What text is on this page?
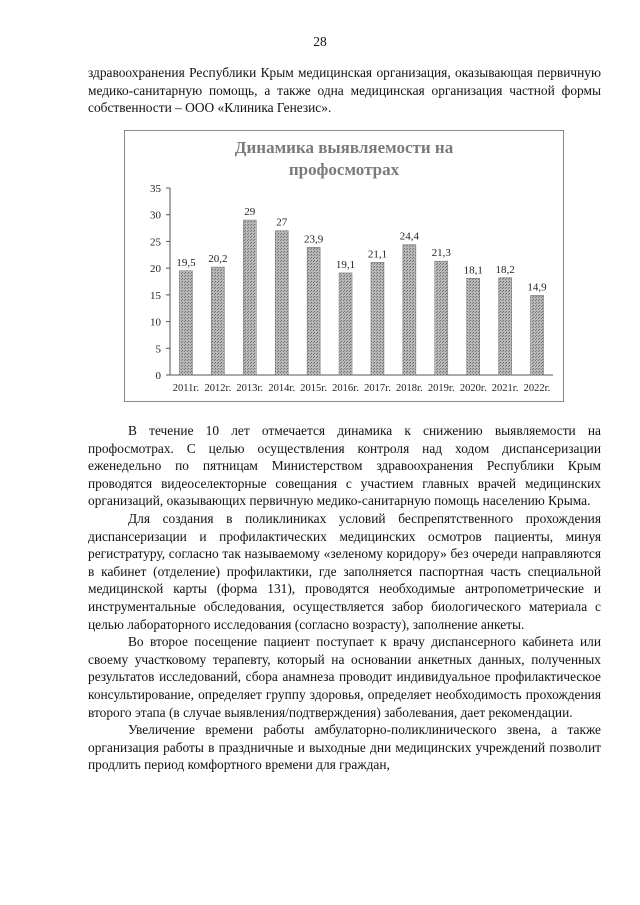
28

здравоохранения Республики Крым медицинская организация, оказывающая первичную медико-санитарную помощь, а также одна медицинская организация частной формы собственности – ООО «Клиника Генезис».

Динамика выявляемости на
профосмотрах
0
5
10
15
20
25
30
35
19,5 20,2
29
27
23,9
19,1
21,1
24,4
21,3
18,1 18,2
14,9
2011г. 2012г. 2013г. 2014г. 2015г. 2016г. 2017г. 2018г. 2019г. 2020г. 2021г. 2022г.

В течение 10 лет отмечается динамика к снижению выявляемости на профосмотрах. С целью осуществления контроля над ходом диспансеризации еженедельно по пятницам Министерством здравоохранения Республики Крым проводятся видеоселекторные совещания с участием главных врачей медицинских организаций, оказывающих первичную медико-санитарную помощь населению Крыма.

Для создания в поликлиниках условий беспрепятственного прохождения диспансеризации и профилактических медицинских осмотров пациенты, минуя регистратуру, согласно так называемому «зеленому коридору» без очереди направляются в кабинет (отделение) профилактики, где заполняется паспортная часть специальной медицинской карты (форма 131), проводятся необходимые антропометрические и инструментальные обследования, осуществляется забор биологического материала с целью лабораторного исследования (согласно возрасту), заполнение анкеты.

Во второе посещение пациент поступает к врачу диспансерного кабинета или своему участковому терапевту, который на основании анкетных данных, полученных результатов исследований, сбора анамнеза проводит индивидуальное профилактическое консультирование, определяет группу здоровья, определяет необходимость прохождения второго этапа (в случае выявления/подтверждения) заболевания, дает рекомендации.

Увеличение времени работы амбулаторно-поликлинического звена, а также организация работы в праздничные и выходные дни медицинских учреждений позволит продлить период комфортного времени для граждан,
